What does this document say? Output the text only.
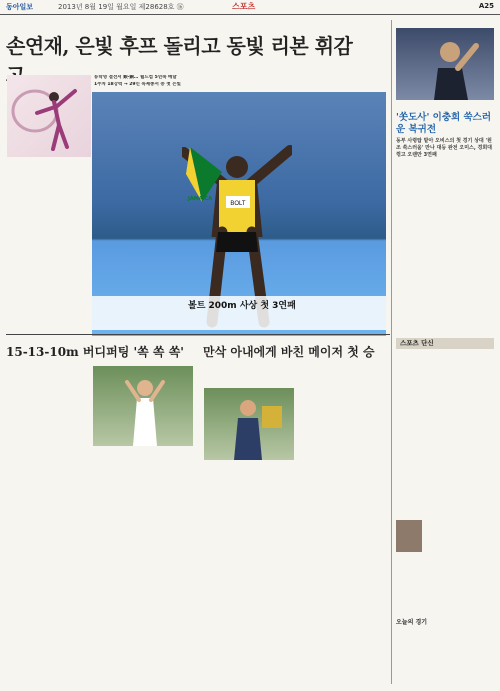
동아일보	2013년 8월 19일 월요일 제28628호 ⑯	스포츠	A25
손연재, 은빛 후프 돌리고 동빛 리본 휘감
류학영 결선서 銀·銅… 월드컵 5연속 메달
1주차 18강력 → 29인 목제종서 중 첫 은빛
BOLT
JAMAICA
볼트 200m 사상 첫 3연패
'쏫도사' 이충희 쑥스러운 복귀전
동부 사령탑 맡아 오비스의 첫 경기 상대 '원조 쑥스러움' 만나 대등 완전 오미스, 경희대 꺾고 오랜만 3연패
15-13-10m 버디퍼팅 '쏙 쏙 쏙' 만삭 아내에게 바친 메이저 첫 승
스포츠 단신
오늘의 경기
